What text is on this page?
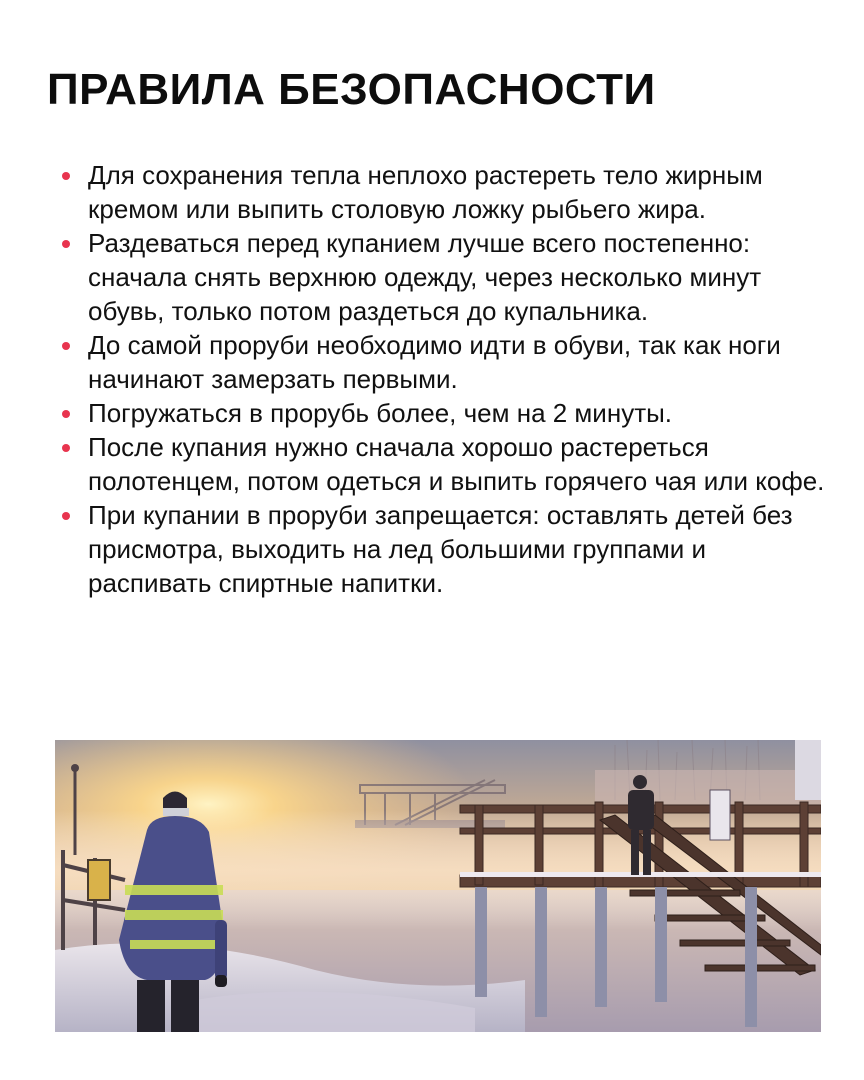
ПРАВИЛА БЕЗОПАСНОСТИ
Для сохранения тепла неплохо растереть тело жирным кремом или выпить столовую ложку рыбьего жира.
Раздеваться перед купанием лучше всего постепенно: сначала снять верхнюю одежду, через несколько минут обувь, только потом раздеться до купальника.
До самой проруби необходимо идти в обуви, так как ноги начинают замерзать первыми.
Погружаться в прорубь более, чем на 2 минуты.
После купания нужно сначала хорошо растереться полотенцем, потом одеться и выпить горячего чая или кофе.
При купании в проруби запрещается: оставлять детей без присмотра, выходить на лед большими группами и распивать спиртные напитки.
